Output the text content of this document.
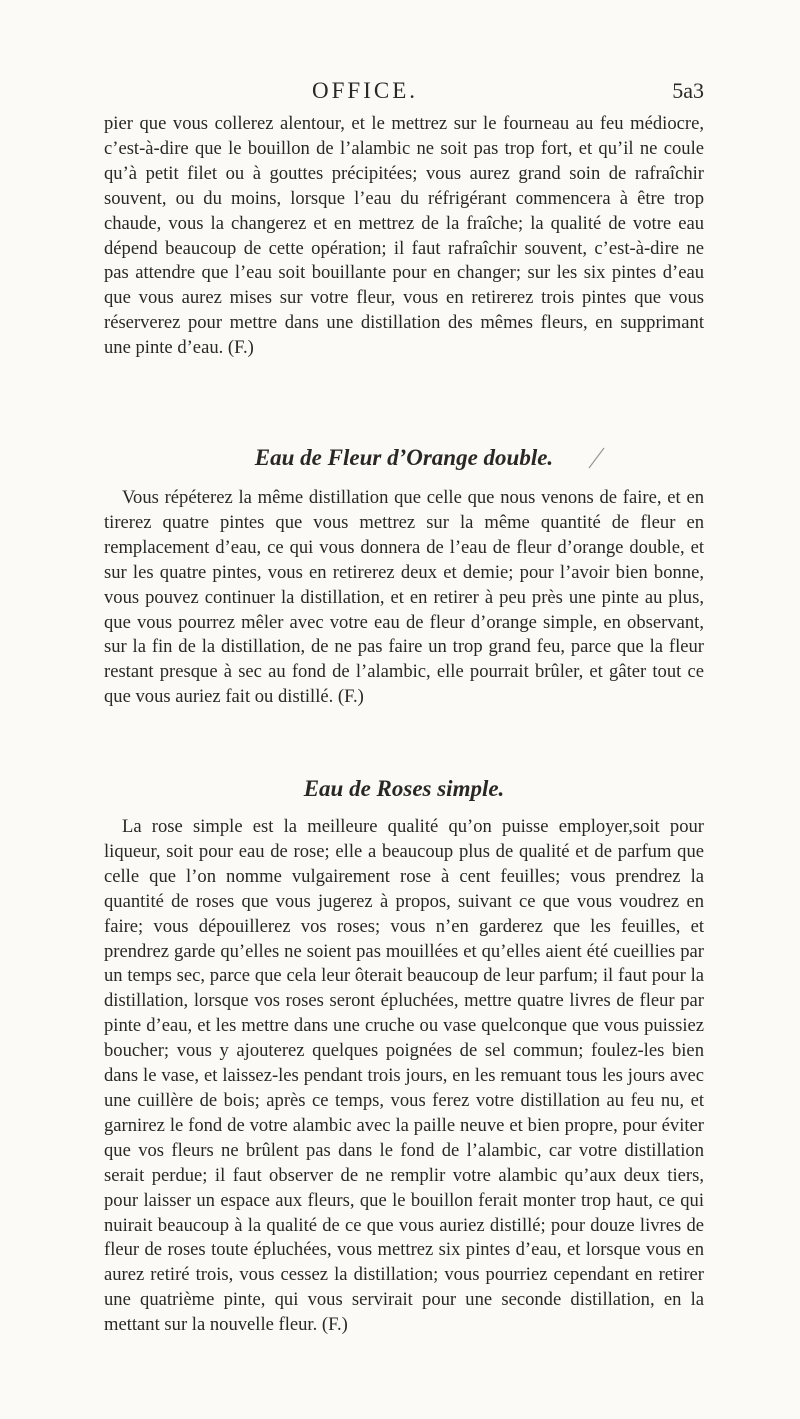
OFFICE.	5a3

pier que vous collerez alentour, et le mettrez sur le fourneau au feu médiocre, c’est-à-dire que le bouillon de l’alambic ne soit pas trop fort, et qu’il ne coule qu’à petit filet ou à gouttes précipitées; vous aurez grand soin de rafraîchir souvent, ou du moins, lorsque l’eau du réfrigérant commencera à être trop chaude, vous la changerez et en mettrez de la fraîche; la qualité de votre eau dépend beaucoup de cette opération; il faut rafraîchir souvent, c’est-à-dire ne pas attendre que l’eau soit bouillante pour en changer; sur les six pintes d’eau que vous aurez mises sur votre fleur, vous en retirerez trois pintes que vous réserverez pour mettre dans une distillation des mêmes fleurs, en supprimant une pinte d’eau. (F.)

Eau de Fleur d’Orange double.

Vous répéterez la même distillation que celle que nous venons de faire, et en tirerez quatre pintes que vous mettrez sur la même quantité de fleur en remplacement d’eau, ce qui vous donnera de l’eau de fleur d’orange double, et sur les quatre pintes, vous en retirerez deux et demie; pour l’avoir bien bonne, vous pouvez continuer la distillation, et en retirer à peu près une pinte au plus, que vous pourrez mêler avec votre eau de fleur d’orange simple, en observant, sur la fin de la distillation, de ne pas faire un trop grand feu, parce que la fleur restant presque à sec au fond de l’alambic, elle pourrait brûler, et gâter tout ce que vous auriez fait ou distillé. (F.)

Eau de Roses simple.

La rose simple est la meilleure qualité qu’on puisse employer,soit pour liqueur, soit pour eau de rose; elle a beaucoup plus de qualité et de parfum que celle que l’on nomme vulgairement rose à cent feuilles; vous prendrez la quantité de roses que vous jugerez à propos, suivant ce que vous voudrez en faire; vous dépouillerez vos roses; vous n’en garderez que les feuilles, et prendrez garde qu’elles ne soient pas mouillées et qu’elles aient été cueillies par un temps sec, parce que cela leur ôterait beaucoup de leur parfum; il faut pour la distillation, lorsque vos roses seront épluchées, mettre quatre livres de fleur par pinte d’eau, et les mettre dans une cruche ou vase quelconque que vous puissiez boucher; vous y ajouterez quelques poignées de sel commun; foulez-les bien dans le vase, et laissez-les pendant trois jours, en les remuant tous les jours avec une cuillère de bois; après ce temps, vous ferez votre distillation au feu nu, et garnirez le fond de votre alambic avec la paille neuve et bien propre, pour éviter que vos fleurs ne brûlent pas dans le fond de l’alambic, car votre distillation serait perdue; il faut observer de ne remplir votre alambic qu’aux deux tiers, pour laisser un espace aux fleurs, que le bouillon ferait monter trop haut, ce qui nuirait beaucoup à la qualité de ce que vous auriez distillé; pour douze livres de fleur de roses toute épluchées, vous mettrez six pintes d’eau, et lorsque vous en aurez retiré trois, vous cessez la distillation; vous pourriez cependant en retirer une quatrième pinte, qui vous servirait pour une seconde distillation, en la mettant sur la nouvelle fleur. (F.)
